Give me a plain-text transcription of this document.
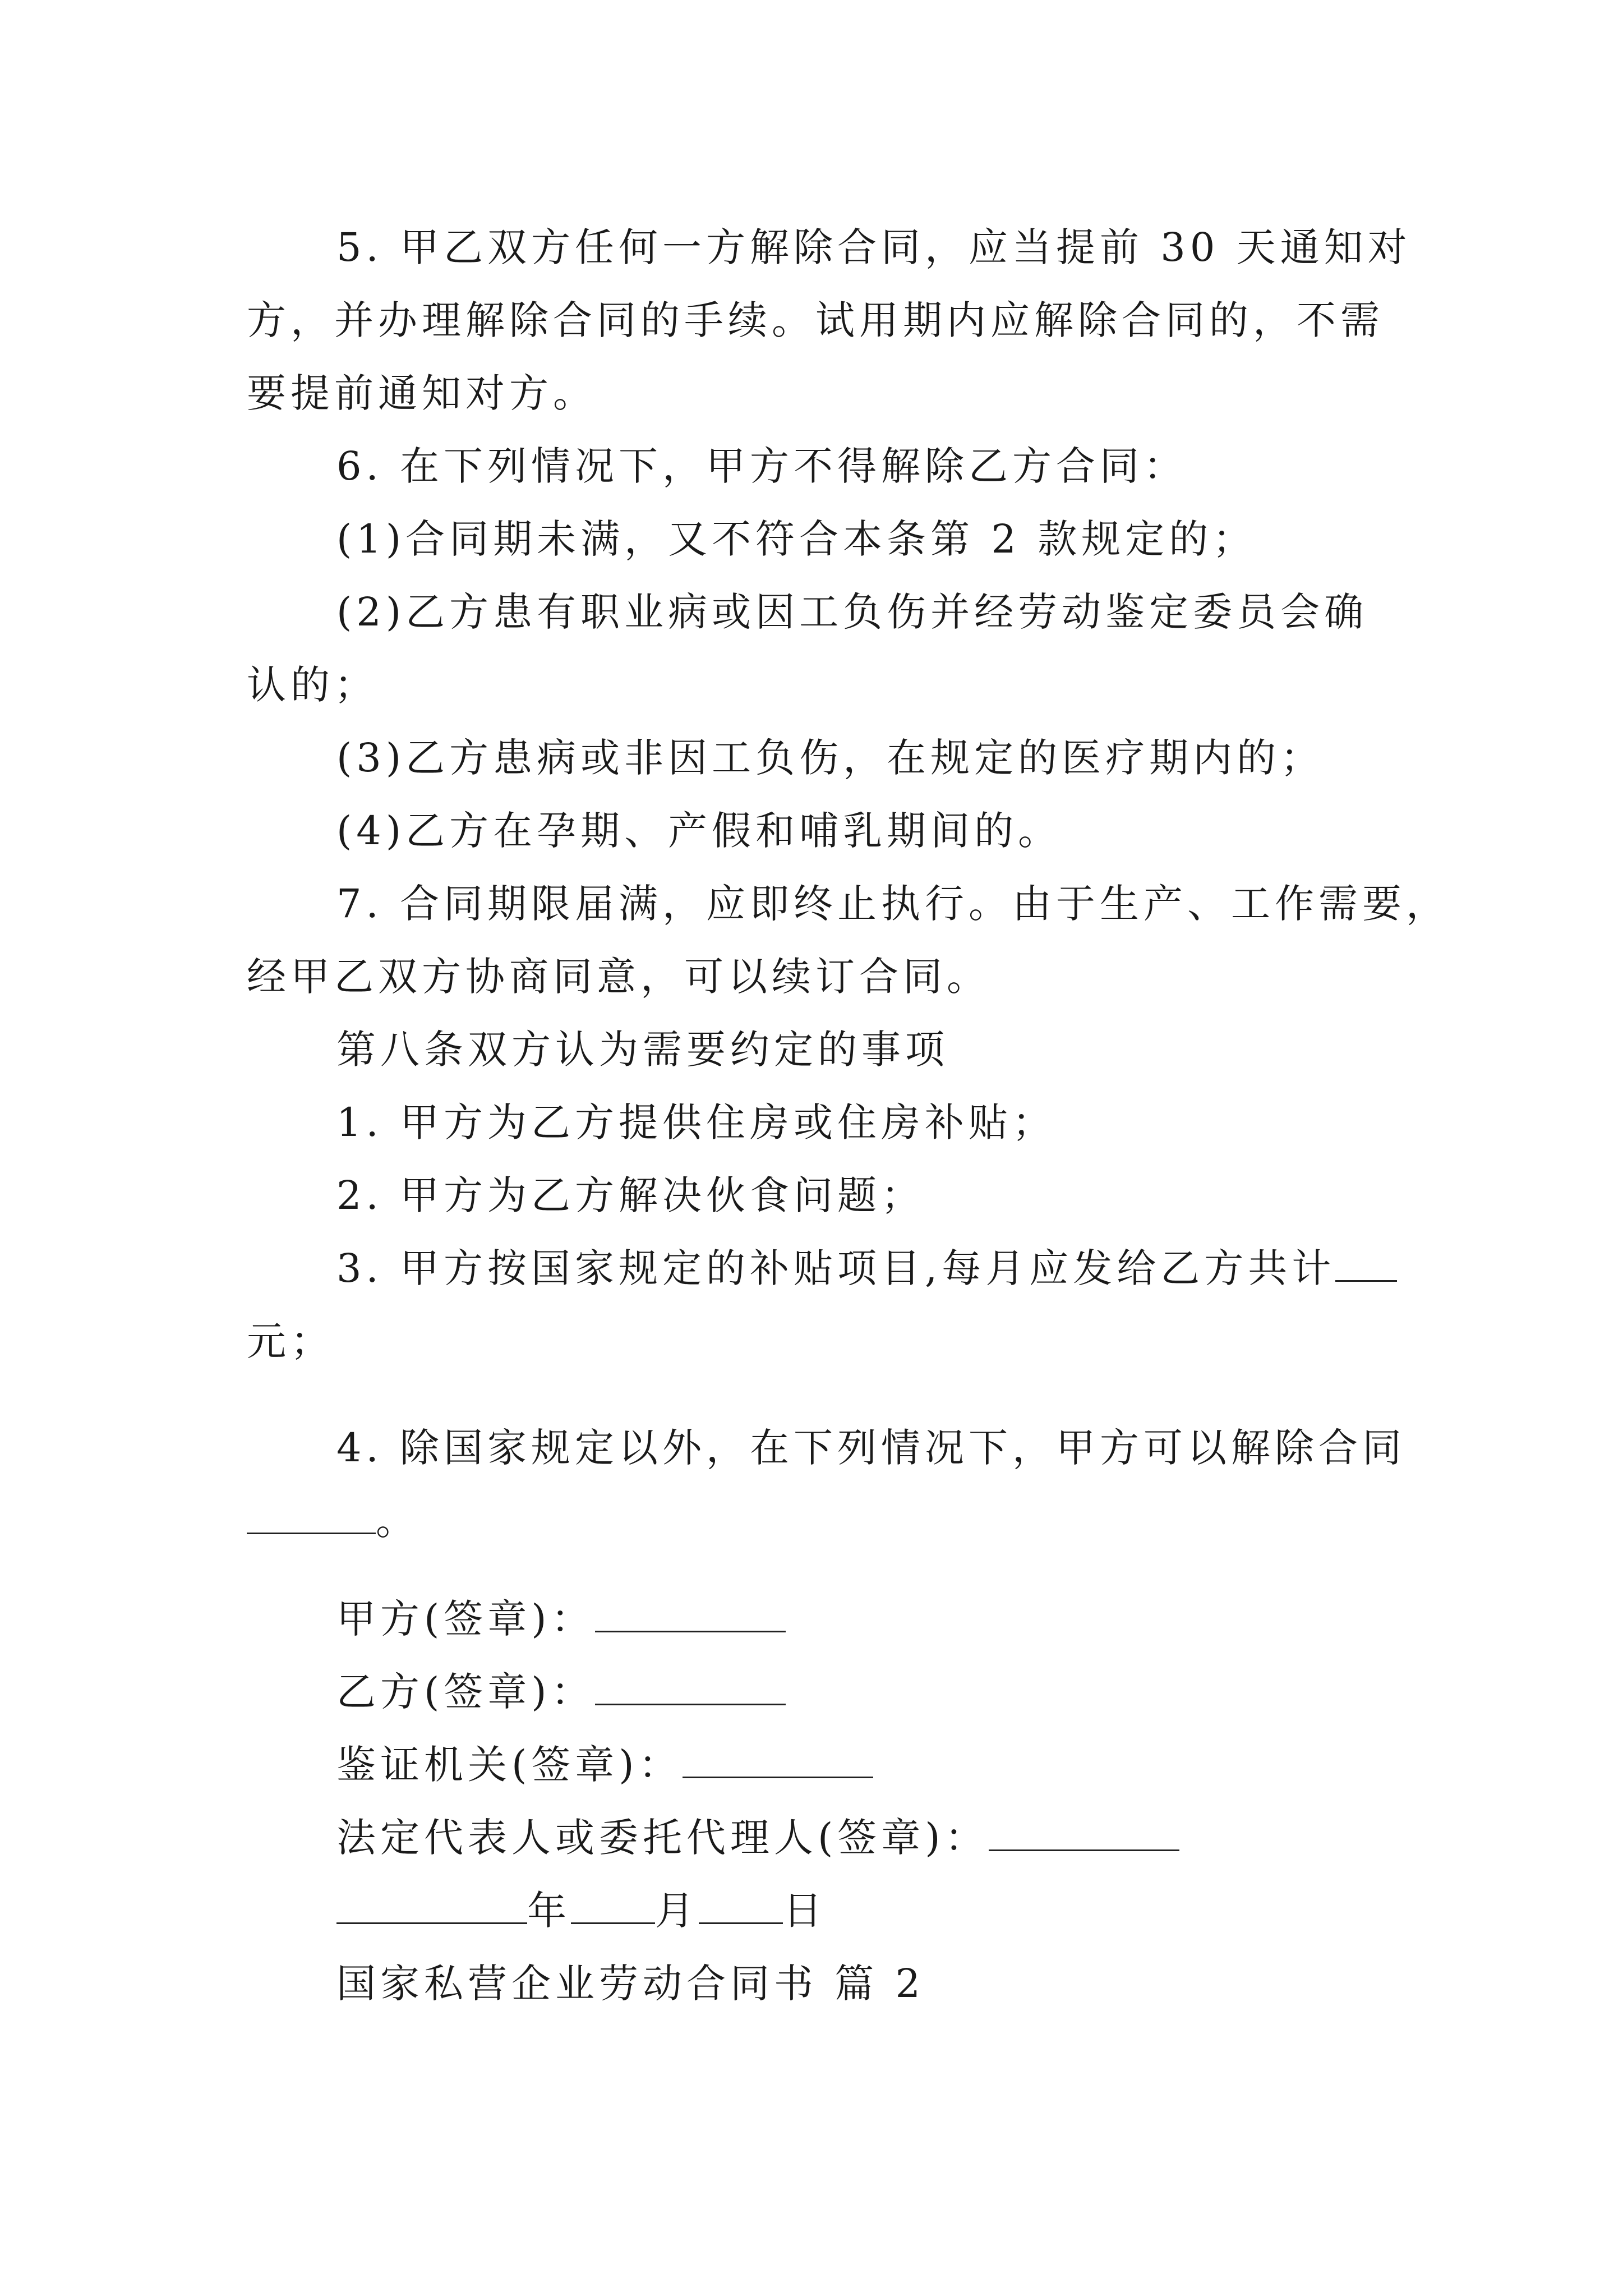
5. 甲乙双方任何一方解除合同，应当提前 30 天通知对
方，并办理解除合同的手续。试用期内应解除合同的，不需
要提前通知对方。
6. 在下列情况下，甲方不得解除乙方合同：
(1)合同期未满，又不符合本条第 2 款规定的；
(2)乙方患有职业病或因工负伤并经劳动鉴定委员会确
认的；
(3)乙方患病或非因工负伤，在规定的医疗期内的；
(4)乙方在孕期、产假和哺乳期间的。
7. 合同期限届满，应即终止执行。由于生产、工作需要，
经甲乙双方协商同意，可以续订合同。
第八条双方认为需要约定的事项
1. 甲方为乙方提供住房或住房补贴；
2. 甲方为乙方解决伙食问题；
3. 甲方按国家规定的补贴项目,每月应发给乙方共计
元；
4. 除国家规定以外，在下列情况下，甲方可以解除合同
。
甲方(签章)：
乙方(签章)：
鉴证机关(签章)：
法定代表人或委托代理人(签章)：
年 月 日
国家私营企业劳动合同书 篇 2
